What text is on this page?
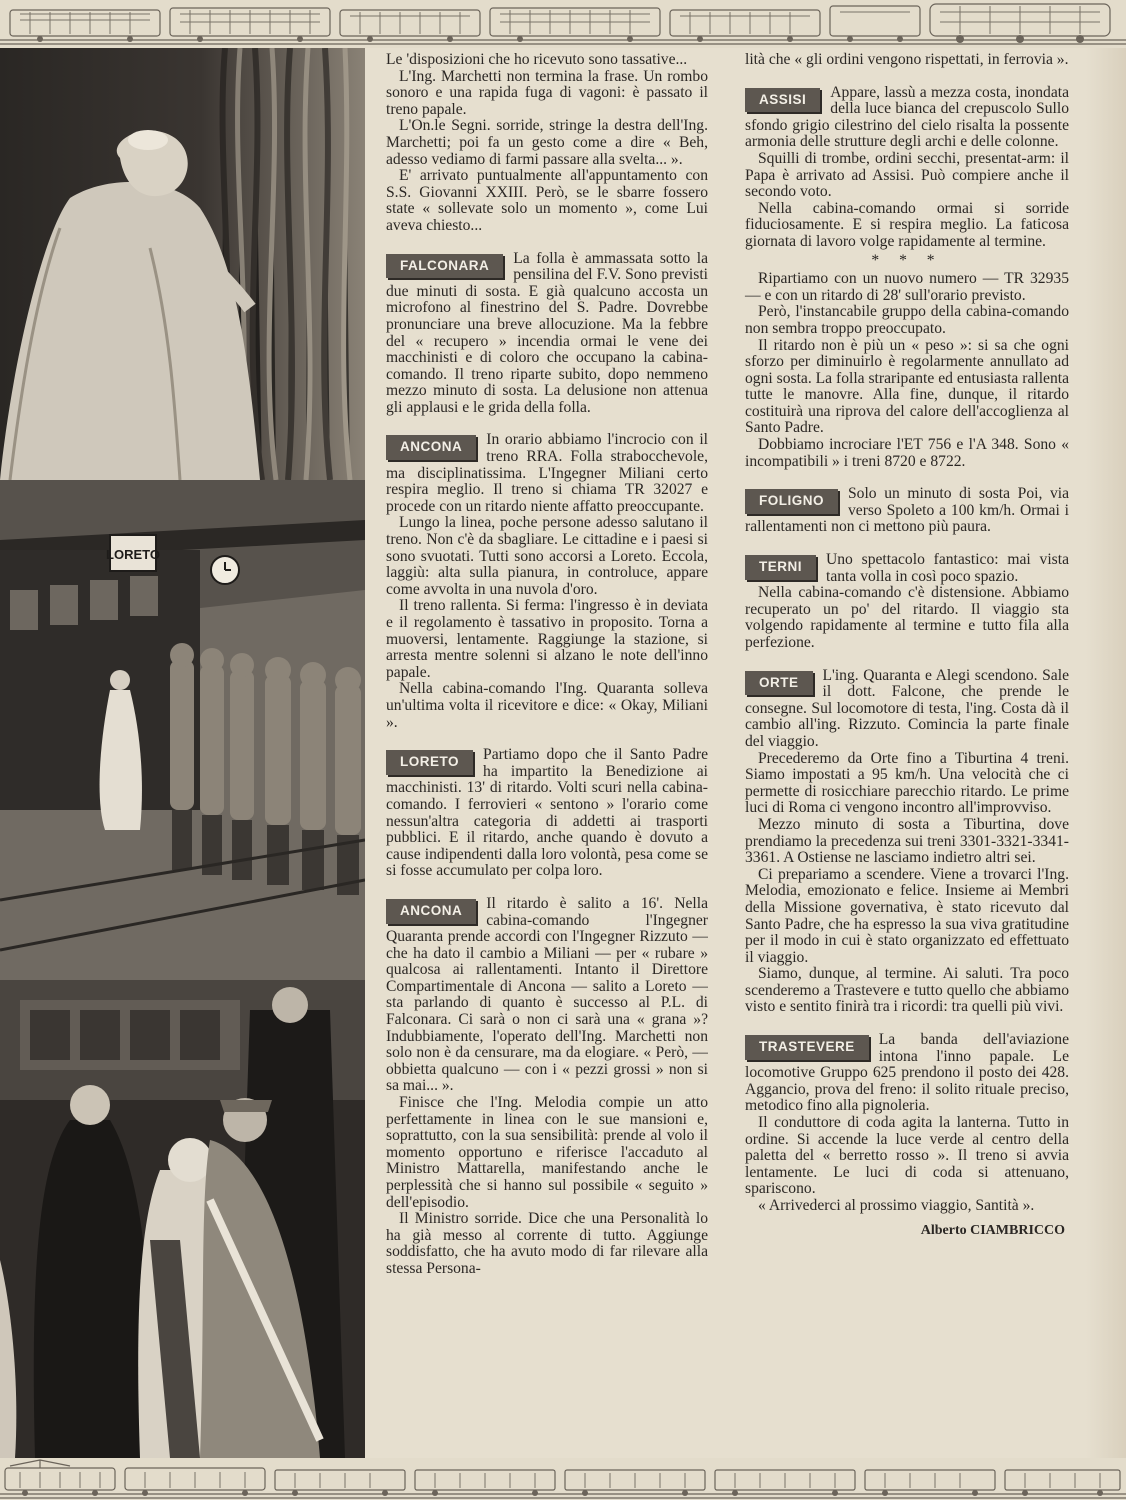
LORETO

Le 'disposizioni che ho ricevuto sono tassative...

L'Ing. Marchetti non termina la frase. Un rombo sonoro e una rapida fuga di vagoni: è passato il treno papale.

L'On.le Segni. sorride, stringe la destra dell'Ing. Marchetti; poi fa un gesto come a dire « Beh, adesso vediamo di farmi passare alla svelta... ».

E' arrivato puntualmente all'appuntamento con S.S. Giovanni XXIII. Però, se le sbarre fossero state « sollevate solo un momento », come Lui aveva chiesto...

FALCONARA	La folla è ammassata sotto la pensilina del F.V. Sono previsti due minuti di sosta. E già qualcuno accosta un microfono al finestrino del S. Padre. Dovrebbe pronunciare una breve allocuzione. Ma la febbre del « recupero » incendia ormai le vene dei macchinisti e di coloro che occupano la cabina-comando. Il treno riparte subito, dopo nemmeno mezzo minuto di sosta. La delusione non attenua gli applausi e le grida della folla.

ANCONA	In orario abbiamo l'incrocio con il treno RRA. Folla strabocchevole, ma disciplinatissima. L'Ingegner Miliani certo respira meglio. Il treno si chiama TR 32027 e procede con un ritardo niente affatto preoccupante.

Lungo la linea, poche persone adesso salutano il treno. Non c'è da sbagliare. Le cittadine e i paesi si sono svuotati. Tutti sono accorsi a Loreto. Eccola, laggiù: alta sulla pianura, in controluce, appare come avvolta in una nuvola d'oro.

Il treno rallenta. Si ferma: l'ingresso è in deviata e il regolamento è tassativo in proposito. Torna a muoversi, lentamente. Raggiunge la stazione, si arresta mentre solenni si alzano le note dell'inno papale.

Nella cabina-comando l'Ing. Quaranta solleva un'ultima volta il ricevitore e dice: « Okay, Miliani ».

LORETO	Partiamo dopo che il Santo Padre ha impartito la Benedizione ai macchinisti. 13' di ritardo. Volti scuri nella cabina-comando. I ferrovieri « sentono » l'orario come nessun'altra categoria di addetti ai trasporti pubblici. E il ritardo, anche quando è dovuto a cause indipendenti dalla loro volontà, pesa come se si fosse accumulato per colpa loro.

ANCONA	Il ritardo è salito a 16'. Nella cabina-comando l'Ingegner Quaranta prende accordi con l'Ingegner Rizzuto — che ha dato il cambio a Miliani — per « rubare » qualcosa ai rallentamenti. Intanto il Direttore Compartimentale di Ancona — salito a Loreto — sta parlando di quanto è successo al P.L. di Falconara. Ci sarà o non ci sarà una « grana »? Indubbiamente, l'operato dell'Ing. Marchetti non solo non è da censurare, ma da elogiare. « Però, — obbietta qualcuno — con i « pezzi grossi » non si sa mai... ».

Finisce che l'Ing. Melodia compie un atto perfettamente in linea con le sue mansioni e, soprattutto, con la sua sensibilità: prende al volo il momento opportuno e riferisce l'accaduto al Ministro Mattarella, manifestando anche le perplessità che si hanno sul possibile « seguito » dell'episodio.

Il Ministro sorride. Dice che una Personalità lo ha già messo al corrente di tutto. Aggiunge soddisfatto, che ha avuto modo di far rilevare alla stessa Persona-

lità che « gli ordini vengono rispettati, in ferrovia ».

ASSISI	Appare, lassù a mezza costa, inondata della luce bianca del crepuscolo Sullo sfondo grigio cilestrino del cielo risalta la possente armonia delle strutture degli archi e delle colonne.

Squilli di trombe, ordini secchi, presentat-arm: il Papa è arrivato ad Assisi. Può compiere anche il secondo voto.

Nella cabina-comando ormai si sorride fiduciosamente. E si respira meglio. La faticosa giornata di lavoro volge rapidamente al termine.

* * *

Ripartiamo con un nuovo numero — TR 32935 — e con un ritardo di 28' sull'orario previsto.

Però, l'instancabile gruppo della cabina-comando non sembra troppo preoccupato.

Il ritardo non è più un « peso »: si sa che ogni sforzo per diminuirlo è regolarmente annullato ad ogni sosta. La folla straripante ed entusiasta rallenta tutte le manovre. Alla fine, dunque, il ritardo costituirà una riprova del calore dell'accoglienza al Santo Padre.

Dobbiamo incrociare l'ET 756 e l'A 348. Sono « incompatibili » i treni 8720 e 8722.

FOLIGNO	Solo un minuto di sosta Poi, via verso Spoleto a 100 km/h. Ormai i rallentamenti non ci mettono più paura.

TERNI	Uno spettacolo fantastico: mai vista tanta volla in così poco spazio.

Nella cabina-comando c'è distensione. Abbiamo recuperato un po' del ritardo. Il viaggio sta volgendo rapidamente al termine e tutto fila alla perfezione.

ORTE	L'ing. Quaranta e Alegi scendono. Sale il dott. Falcone, che prende le consegne. Sul locomotore di testa, l'ing. Costa dà il cambio all'ing. Rizzuto. Comincia la parte finale del viaggio.

Precederemo da Orte fino a Tiburtina 4 treni. Siamo impostati a 95 km/h. Una velocità che ci permette di rosicchiare parecchio ritardo. Le prime luci di Roma ci vengono incontro all'improvviso.

Mezzo minuto di sosta a Tiburtina, dove prendiamo la precedenza sui treni 3301-3321-3341-3361. A Ostiense ne lasciamo indietro altri sei.

Ci prepariamo a scendere. Viene a trovarci l'Ing. Melodia, emozionato e felice. Insieme ai Membri della Missione governativa, è stato ricevuto dal Santo Padre, che ha espresso la sua viva gratitudine per il modo in cui è stato organizzato ed effettuato il viaggio.

Siamo, dunque, al termine. Ai saluti. Tra poco scenderemo a Trastevere e tutto quello che abbiamo visto e sentito finirà tra i ricordi: tra quelli più vivi.

TRASTEVERE	La banda dell'aviazione intona l'inno papale. Le locomotive Gruppo 625 prendono il posto dei 428. Aggancio, prova del freno: il solito rituale preciso, metodico fino alla pignoleria.

Il conduttore di coda agita la lanterna. Tutto in ordine. Si accende la luce verde al centro della paletta del « berretto rosso ». Il treno si avvia lentamente. Le luci di coda si attenuano, spariscono.

« Arrivederci al prossimo viaggio, Santità ».

Alberto CIAMBRICCO
